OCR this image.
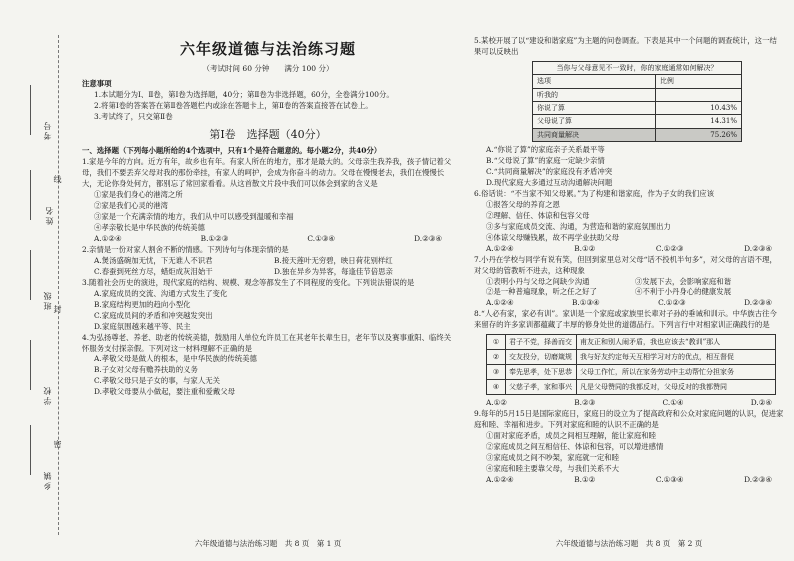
考号
姓名
班级
学校
乡镇
线
封
密
六年级道德与法治练习题
（考试时间 60 分钟　　满分 100 分）

注意事项

1.本试题分为Ⅰ、Ⅱ卷，第Ⅰ卷为选择题，40分；第Ⅱ卷为非选择题，60分，全卷满分100分。

2.将第Ⅰ卷的答案答在第Ⅱ卷答题栏内或涂在答题卡上，第Ⅱ卷的答案直接答在试卷上。

3.考试终了，只交第Ⅱ卷

第Ⅰ卷　选择题（40分）

一、选择题（下列每小题所给的4个选项中，只有1个是符合题意的。每小题2分，共40分）

1.家是今年的方向。近方有年，故乡也有年。有家人所在的地方，那才是最大的。父母亲生我养我，孩子情记着父母，我们不要丢弃父母对我的那份牵挂，有家人的呵护，会成为你奋斗的动力。父母在慢慢老去，我们在慢慢长大，无论你身处何方，都别忘了常回家看看。从这首散文片段中我们可以体会到家的含义是

①家是我们身心的港湾之所

②家是我们心灵的港湾

③家是一个充满亲情的地方，我们从中可以感受到温暖和幸福

④孝亲敬长是中华民族的传统美德

A.①②④	B.①②③	C.①③④	D.②③④

2.亲情是一份对家人割舍不断的情感。下列诗句与体现亲情的是

A.煲汤盛碗加无忧，下无谁人不识君	B.接天莲叶无穷碧，映日荷花别样红
C.春蚕到死丝方尽，蜡炬成灰泪始干	D.独在异乡为异客，每逢佳节倍思亲

3.随着社会历史的演进，现代家庭的结构、规模、观念等都发生了不同程度的变化。下列说法错误的是

A.家庭成员的交流、沟通方式发生了变化

B.家庭结构更加的趋向小型化

C.家庭成员间的矛盾和冲突越发突出

D.家庭氛围越来越平等、民主

4.为弘扬尊老、养老、助老的传统美德，鼓励用人单位允许员工在其老年长辈生日，老年节以及赛事重阳、临终关怀服务支付探亲假。下列对这一材料理解不正确的是

A.孝敬父母是做人的根本，是中华民族的传统美德

B.子女对父母有赡养扶助的义务

C.孝敬父母只是子女的事，与家人无关

D.孝敬父母要从小做起，要注重和爱戴父母

六年级道德与法治练习题　共 8 页　第 1 页

5.某校开展了以“建设和谐家庭”为主题的问卷调查。下表是其中一个问题的调查统计，这一结果可以反映出

当你与父母意见不一致时，你的家庭通常如何解决？	
选项	比例
听我的	
你说了算	10.43%
父母说了算	14.31%
共同商量解决	75.26%

A.“你说了算”的家庭亲子关系最平等

B.“父母说了算”的家庭一定缺少亲情

C.“共同商量解决”的家庭没有矛盾冲突

D.现代家庭大多通过互动沟通解决问题

6.俗话说：“不当家不知父母累。”为了构建和谐家庭，作为子女的我们应该

①报答父母的养育之恩

②理解、信任、体谅和包容父母

③多与家庭成员交流、沟通，为营造和谐的家庭氛围出力

④体谅父母赚钱累，故不再学业扶助父母

A.①②④	B.①②	C.①②③	D.②③④

7.小丹在学校与同学有说有笑，但回到家里总对父母“话不投机半句多”，对父母的言语不理，对父母的管教听不进去，这种现象

①表明小丹与父母之间缺少沟通	③发展下去，会影响家庭和谐
②是一种普遍现象，听之任之好了	④不利于小丹身心的健康发展
A.①②④	B.①③④	C.①②③	D.②③④

8.“人必有家，家必有训”。家训是一个家庭或家族里长辈对子孙的垂诫和训示。中华族古往今来留存的许多家训都蕴藏了丰厚的修身处世的道德品行。下列言行中对相家训正确践行的是

①	君子不党，择善而交	甫友正和别人闹矛盾，我也应该去“教训”那人
②	交友投分，切磨箴规	我与好友约定每天互相学习对方的优点，相互督促
③	奉先思孝，处下思恭	父母工作忙，所以在家务劳动中主动帮忙分担家务
④	父慈子孝，家和事兴	凡是父母赞同的我都反对，父母反对的我都赞同
A.①②	B.②③	C.①④	D.②④

9.每年的5月15日是国际家庭日，家庭日的设立为了提高政府和公众对家庭问题的认识，促进家庭和睦、幸福和进步。下列对家庭和睦的认识不正确的是

①面对家庭矛盾，成员之间相互理解，能让家庭和睦

②家庭成员之间互相信任、体谅和包容，可以增进感情

③家庭成员之间不吵架，家庭就一定和睦

④家庭和睦主要靠父母，与我们关系不大

A.①②④	B.①②	C.①③④	D.②③④
六年级道德与法治练习题　共 8 页　第 2 页
